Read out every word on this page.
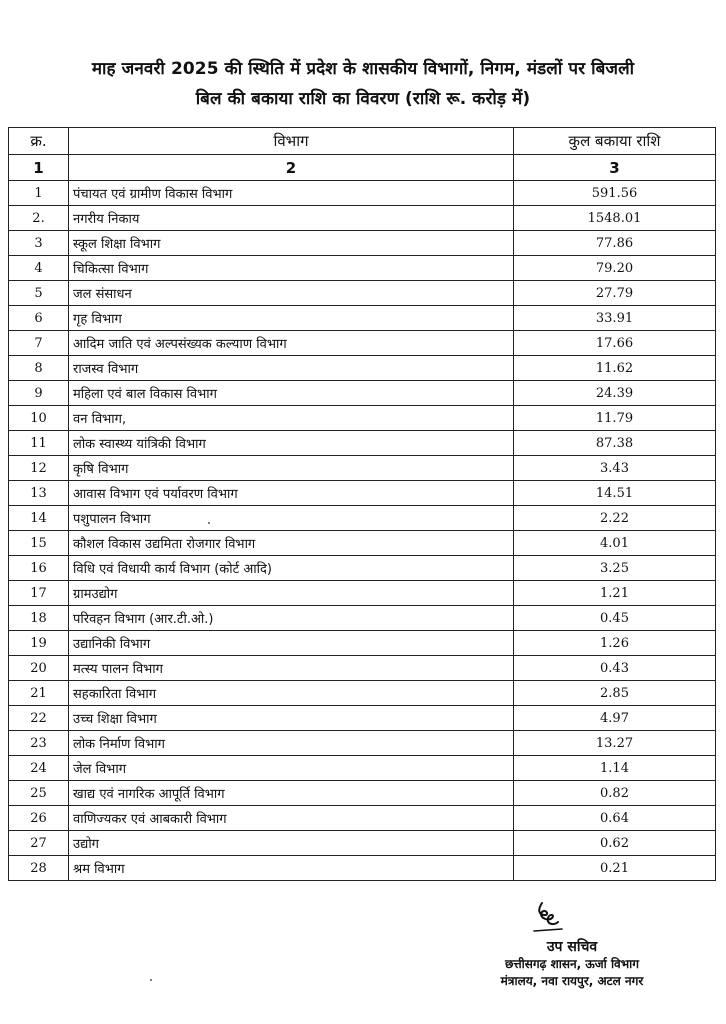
माह जनवरी 2025 की स्थिति में प्रदेश के शासकीय विभागों, निगम, मंडलों पर बिजली
बिल की बकाया राशि का विवरण (राशि रू. करोड़ में)
क्र.	विभाग	कुल बकाया राशि
1	2	3
1	पंचायत एवं ग्रामीण विकास विभाग	591.56
2.	नगरीय निकाय	1548.01
3	स्कूल शिक्षा विभाग	77.86
4	चिकित्सा विभाग	79.20
5	जल संसाधन	27.79
6	गृह विभाग	33.91
7	आदिम जाति एवं अल्पसंख्यक कल्याण विभाग	17.66
8	राजस्व विभाग	11.62
9	महिला एवं बाल विकास विभाग	24.39
10	वन विभाग,	11.79
11	लोक स्वास्थ्य यांत्रिकी विभाग	87.38
12	कृषि विभाग	3.43
13	आवास विभाग एवं पर्यावरण विभाग	14.51
14	पशुपालन विभाग	2.22
15	कौशल विकास उद्यमिता रोजगार विभाग	4.01
16	विधि एवं विधायी कार्य विभाग (कोर्ट आदि)	3.25
17	ग्रामउद्योग	1.21
18	परिवहन विभाग (आर.टी.ओ.)	0.45
19	उद्यानिकी विभाग	1.26
20	मत्स्य पालन विभाग	0.43
21	सहकारिता विभाग	2.85
22	उच्च शिक्षा विभाग	4.97
23	लोक निर्माण विभाग	13.27
24	जेल विभाग	1.14
25	खाद्य एवं नागरिक आपूर्ति विभाग	0.82
26	वाणिज्यकर एवं आबकारी विभाग	0.64
27	उद्योग	0.62
28	श्रम विभाग	0.21
उप सचिव
छत्तीसगढ़ शासन, ऊर्जा विभाग
मंत्रालय, नवा रायपुर, अटल नगर
